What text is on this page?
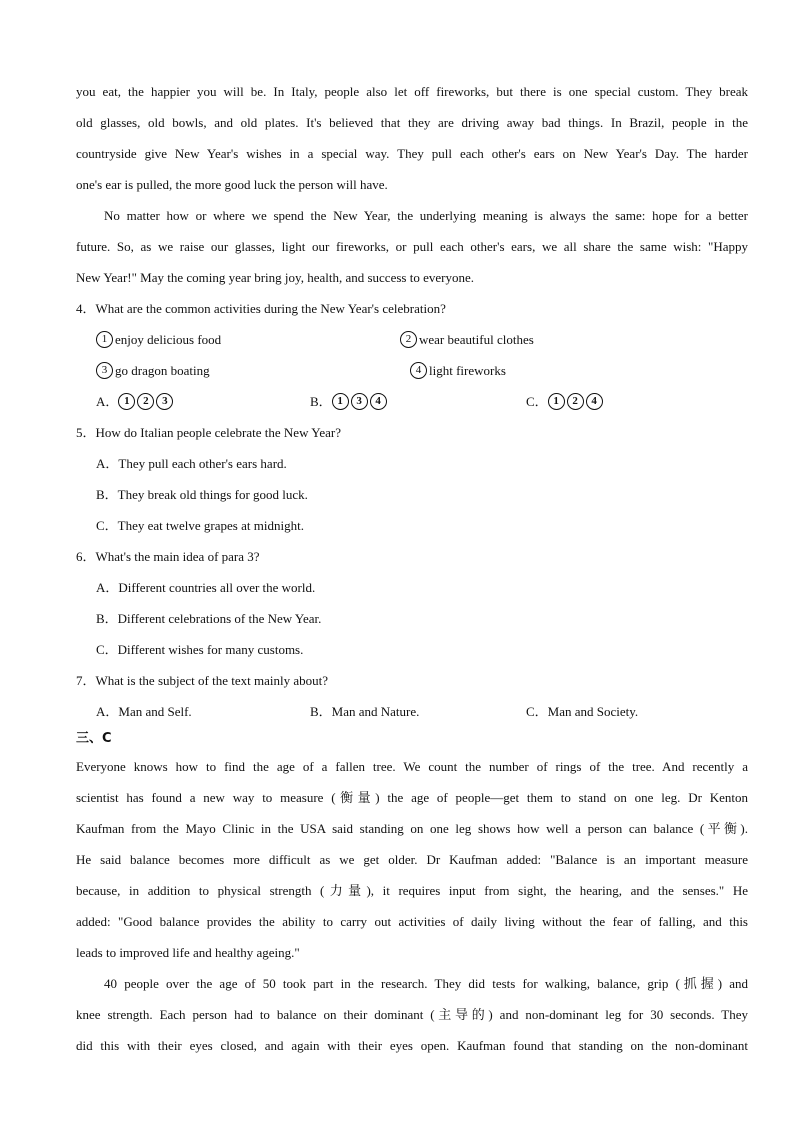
you eat, the happier you will be. In Italy, people also let off fireworks, but there is one special custom. They break
old glasses, old bowls, and old plates. It's believed that they are driving away bad things. In Brazil, people in the
countryside give New Year's wishes in a special way. They pull each other's ears on New Year's Day. The harder
one's ear is pulled, the more good luck the person will have.
No matter how or where we spend the New Year, the underlying meaning is always the same: hope for a better
future. So, as we raise our glasses, light our fireworks, or pull each other's ears, we all share the same wish: "Happy
New Year!" May the coming year bring joy, health, and success to everyone.
4．What are the common activities during the New Year's celebration?
1 enjoy delicious food	2 wear beautiful clothes
3 go dragon boating	4 light fireworks
A． 1 2 3	B． 1 3 4	C． 1 2 4
5．How do Italian people celebrate the New Year?
A．They pull each other's ears hard.
B．They break old things for good luck.
C．They eat twelve grapes at midnight.
6．What's the main idea of para 3?
A．Different countries all over the world.
B．Different celebrations of the New Year.
C．Different wishes for many customs.
7．What is the subject of the text mainly about?
A．Man and Self.	B．Man and Nature.	C．Man and Society.
三、C
Everyone knows how to find the age of a fallen tree. We count the number of rings of the tree. And recently a
scientist has found a new way to measure (衡量) the age of people—get them to stand on one leg. Dr Kenton
Kaufman from the Mayo Clinic in the USA said standing on one leg shows how well a person can balance (平衡).
He said balance becomes more difficult as we get older. Dr Kaufman added: "Balance is an important measure
because, in addition to physical strength (力量), it requires input from sight, the hearing, and the senses." He
added: "Good balance provides the ability to carry out activities of daily living without the fear of falling, and this
leads to improved life and healthy ageing."
40 people over the age of 50 took part in the research. They did tests for walking, balance, grip (抓握) and
knee strength. Each person had to balance on their dominant (主导的) and non-dominant leg for 30 seconds. They
did this with their eyes closed, and again with their eyes open. Kaufman found that standing on the non-dominant
